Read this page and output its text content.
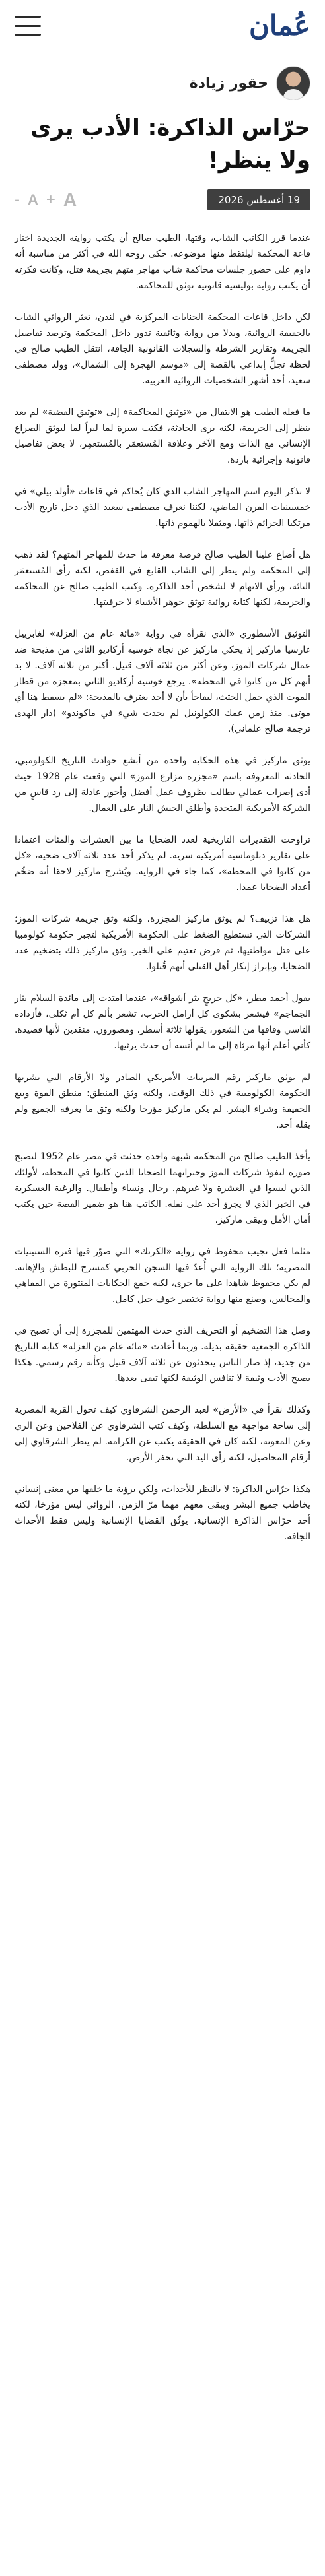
عُمان
حقور زيادة
حرّاس الذاكرة: الأدب يرى ولا ينظر!
19 أغسطس 2026
- A + A

عندما قرر الكاتب الشاب، وقتها، الطيب صالح أن يكتب روايته الجديدة اختار قاعة المحكمة ليلتقط منها موضوعه. حكى روحه الله في أكثر من مناسبة أنه داوم على حضور جلسات محاكمة شاب مهاجر متهم بجريمة قتل، وكانت فكرته أن يكتب رواية بوليسية قانونية توثق للمحاكمة.

لكن داخل قاعات المحكمة الجنايات المركزية في لندن، تعثر الروائي الشاب بالحقيقة الروائية، وبدلا من رواية وثائقية تدور داخل المحكمة وترصد تفاصيل الجريمة وتقارير الشرطة والسجلات القانونية الجافة، انتقل الطيب صالح في لحظة تجلٍّ إبداعي بالقصة إلى «موسم الهجرة إلى الشمال»، وولد مصطفى سعيد، أحد أشهر الشخصيات الروائية العربية.

ما فعله الطيب هو الانتقال من «توثيق المحاكمة» إلى «توثيق القضية» لم يعد ينظر إلى الجريمة، لكنه يرى الحادثة، فكتب سيرة لما ليراً لما ليوثق الصراع الإنساني مع الذات ومع الآخر وعلاقة المُستعمَر بالمُستعمِر، لا بعض تفاصيل قانونية وإجرائية باردة.

لا تذكر اليوم اسم المهاجر الشاب الذي كان يُحاكم في قاعات «أولد بيلي» في خمسينيات القرن الماضي، لكننا نعرف مصطفى سعيد الذي دخل تاريخ الأدب مرتكبا الجرائم ذاتها، ومثقلا بالهموم ذاتها.

هل أضاع علينا الطيب صالح فرصة معرفة ما حدث للمهاجر المتهم؟ لقد ذهب إلى المحكمة ولم ينظر إلى الشاب القابع في القفص، لكنه رأى المُستعمَر التائه، ورأى الاتهام لا لشخص أحد الذاكرة. وكتب الطيب صالح عن المحاكمة والجريمة، لكنها كتابة روائية توثق جوهر الأشياء لا حرفيتها.

التوثيق الأسطوري «الذي نقرأه في رواية «مائة عام من العزلة» لغابرييل غارسيا ماركيز إذ يحكي ماركيز عن نجاة خوسيه أركاديو الثاني من مذبحة ضد عمال شركات الموز، وعن أكثر من ثلاثة آلاف قتيل. أكثر من ثلاثة آلاف. لا بد أنهم كل من كانوا في المحطة». يرجع خوسيه أركاديو الثاني بمعجزة من قطار الموت الذي حمل الجثث، ليفاجأ بأن لا أحد يعترف بالمذبحة: «لم يسقط هنا أي موتى. منذ زمن عمك الكولونيل لم يحدث شيء في ماكوندو» (دار الهدى ترجمة صالح علماني).

يوثق ماركيز في هذه الحكاية واحدة من أبشع حوادث التاريخ الكولومبي، الحادثة المعروفة باسم «مجزرة مزارع الموز» التي وقعت عام 1928 حيث أدى إضراب عمالي يطالب بظروف عمل أفضل وأجور عادلة إلى رد قاسٍ من الشركة الأمريكية المتحدة وأطلق الجيش النار على العمال.

تراوحت التقديرات التاريخية لعدد الضحايا ما بين العشرات والمئات اعتمادا على تقارير دبلوماسية أمريكية سرية. لم يذكر أحد عدد ثلاثة آلاف ضحية، «كل من كانوا في المحطة»، كما جاء في الرواية. ويُشرح ماركيز لاحقا أنه ضخّم أعداد الضحايا عمدا.

هل هذا تزييف؟ لم يوثق ماركيز المجزرة، ولكنه وثق جريمة شركات الموز؛ الشركات التي تستطيع الضغط على الحكومة الأمريكية لتجبر حكومة كولومبيا على قتل مواطنيها، ثم فرض تعتيم على الخبر. وثق ماركيز ذلك بتضخيم عدد الضحايا، وبإبراز إنكار أهل القتلى أنهم قُتلوا.

يقول أحمد مطر، «كل جريحٍ بثر أشواقه»، عندما امتدت إلى مائدة السلام بثار الجماجم» فيشعر بشكوى كل أرامل الحرب، تشعر بألم كل أم ثكلى، فأزداده التاسي وفاقها من الشعور، يقولها ثلاثة أسطر، ومصورون. منقدين لأنها قصيدة. كأني أعلم أنها مرثاة إلى ما لم أنسه أن حدث يرثيها.

لم يوثق ماركيز رقم المرتبات الأمريكي الصادر ولا الأرقام التي نشرتها الحكومة الكولومبية في ذلك الوقت، ولكنه وثق المنطق: منطق القوة وبيع الحقيقة وشراء البشر. لم يكن ماركيز مؤرخا ولكنه وثق ما يعرفه الجميع ولم يقله أحد.

يأخذ الطيب صالح من المحكمة شبهة واحدة حدثت في مصر عام 1952 لتصبح صورة لنفوذ شركات الموز وجبرانهما الضحايا الذين كانوا في المحطة، لأولئك الذين ليسوا في العشرة ولا غيرهم. رجال ونساء وأطفال. والرغبة العسكرية في الخبر الذي لا يجرؤ أحد على نقله. الكاتب هنا هو ضمير القصة حين يكتب أمان الأمل وبيقى ماركيز.

مثلما فعل نجيب محفوظ في رواية «الكرنك» التي صوّر فيها فترة الستينيات المصرية؛ تلك الرواية التي أُعدّ فيها السجن الحربي كمسرح للبطش والإهانة. لم يكن محفوظ شاهدا على ما جرى، لكنه جمع الحكايات المنثورة من المقاهي والمجالس، وصنع منها رواية تختصر خوف جيل كامل.

وصل هذا التضخيم أو التحريف الذي حدث المهتمين للمجزرة إلى أن تصبح في الذاكرة الجمعية حقيقة بديلة. وربما أعادت «مائة عام من العزلة» كتابة التاريخ من جديد، إذ صار الناس يتحدثون عن ثلاثة آلاف قتيل وكأنه رقم رسمي. هكذا يصبح الأدب وثيقة لا تنافس الوثيقة لكنها تبقى بعدها.

وكذلك نقرأ في «الأرض» لعبد الرحمن الشرقاوي كيف تحول القرية المصرية إلى ساحة مواجهة مع السلطة، وكيف كتب الشرقاوي عن الفلاحين وعن الري وعن المعونة، لكنه كان في الحقيقة يكتب عن الكرامة. لم ينظر الشرقاوي إلى أرقام المحاصيل، لكنه رأى اليد التي تحفر الأرض.

هكذا حرّاس الذاكرة: لا بالنظر للأحداث، ولكن برؤية ما خلفها من معنى إنساني يخاطب جميع البشر ويبقى معهم مهما مرّ الزمن. الروائي ليس مؤرخا، لكنه أحد حرّاس الذاكرة الإنسانية، يوثّق القضايا الإنسانية وليس فقط الأحداث الجافة.
